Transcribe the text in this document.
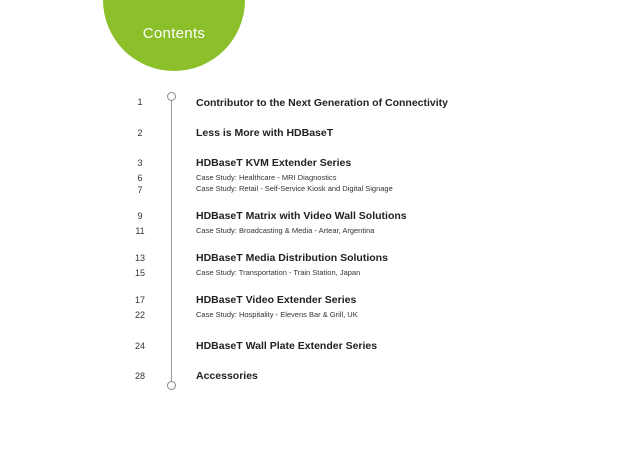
Contents
1	Contributor to the Next Generation of Connectivity
2	Less is More with HDBaseT
3	HDBaseT KVM Extender Series
6	Case Study: Healthcare - MRI Diagnostics
7	Case Study: Retail - Self-Service Kiosk and Digital Signage
9	HDBaseT Matrix with Video Wall Solutions
11	Case Study: Broadcasting & Media - Artear, Argentina
13	HDBaseT Media Distribution Solutions
15	Case Study: Transportation - Train Station, Japan
17	HDBaseT Video Extender Series
22	Case Study: Hospitality - Elevens Bar & Grill, UK
24	HDBaseT Wall Plate Extender Series
28	Accessories
